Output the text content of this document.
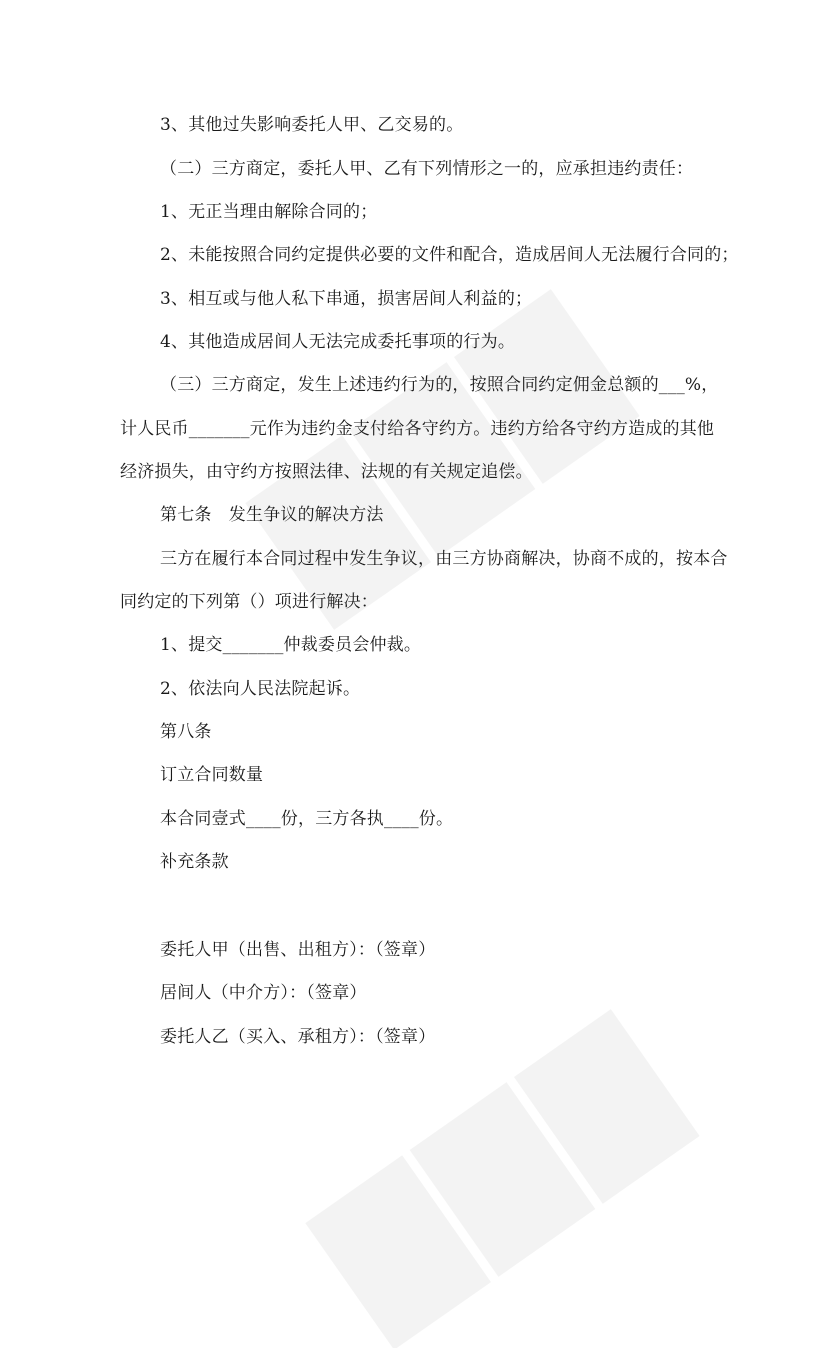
3、其他过失影响委托人甲、乙交易的。
（二）三方商定，委托人甲、乙有下列情形之一的，应承担违约责任：
1、无正当理由解除合同的；
2、未能按照合同约定提供必要的文件和配合，造成居间人无法履行合同的；
3、相互或与他人私下串通，损害居间人利益的；
4、其他造成居间人无法完成委托事项的行为。
（三）三方商定，发生上述违约行为的，按照合同约定佣金总额的___%，
计人民币_______元作为违约金支付给各守约方。违约方给各守约方造成的其他
经济损失，由守约方按照法律、法规的有关规定追偿。
第七条　发生争议的解决方法
三方在履行本合同过程中发生争议，由三方协商解决，协商不成的，按本合
同约定的下列第（）项进行解决：
1、提交_______仲裁委员会仲裁。
2、依法向人民法院起诉。
第八条
订立合同数量
本合同壹式____份，三方各执____份。
补充条款
委托人甲（出售、出租方）：（签章）
居间人（中介方）：（签章）
委托人乙（买入、承租方）：（签章）
